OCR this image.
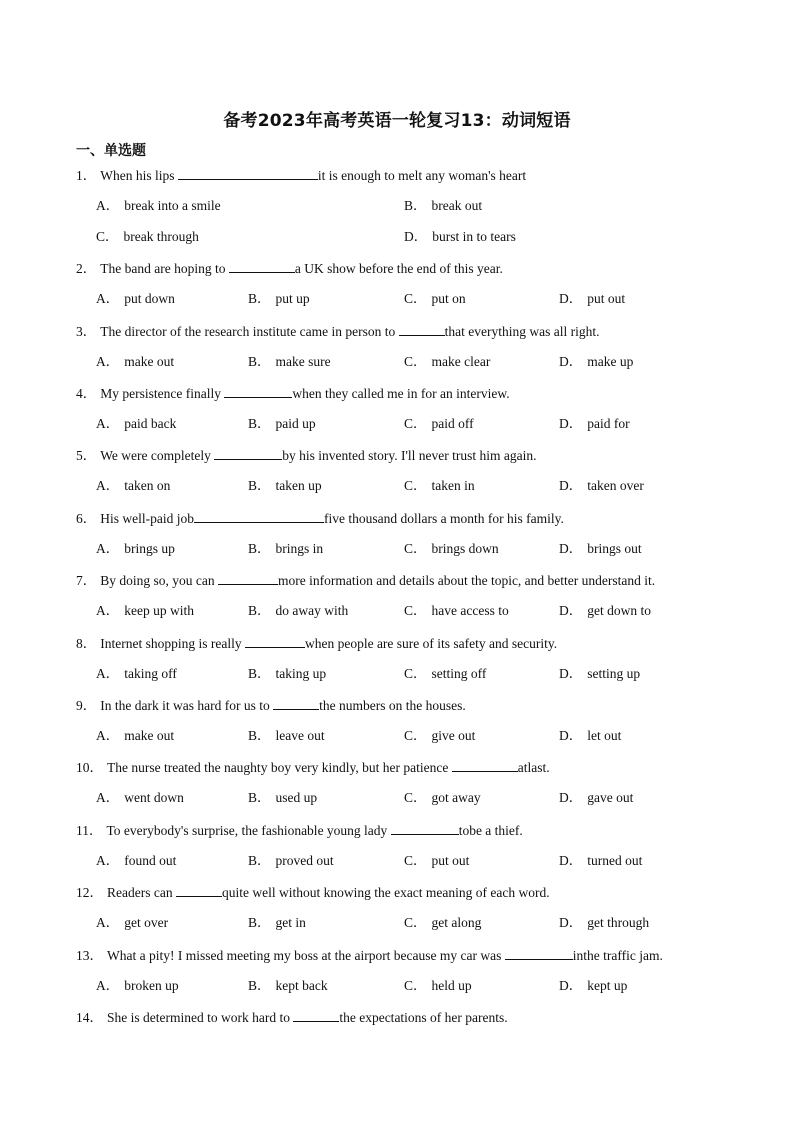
备考2023年高考英语一轮复习13：动词短语
一、单选题
1． When his lips	it is enough to melt any woman's heart
A． break into a smile	B． break out
C． break through	D． burst in to tears
2． The band are hoping to	a UK show before the end of this year.
A． put down	B． put up	C． put on	D． put out
3． The director of the research institute came in person to	that everything was all right.
A． make out	B． make sure	C． make clear	D． make up
4． My persistence finally	when they called me in for an interview.
A． paid back	B． paid up	C． paid off	D． paid for
5． We were completely	by his invented story. I'll never trust him again.
A． taken on	B． taken up	C． taken in	D． taken over
6． His well-paid job	five thousand dollars a month for his family.
A． brings up	B． brings in	C． brings down	D． brings out
7． By doing so, you can	more information and details about the topic, and better understand it.
A． keep up with	B． do away with	C． have access to	D． get down to
8． Internet shopping is really	when people are sure of its safety and security.
A． taking off	B． taking up	C． setting off	D． setting up
9． In the dark it was hard for us to	the numbers on the houses.
A． make out	B． leave out	C． give out	D． let out
10． The nurse treated the naughty boy very kindly, but her patience	atlast.
A． went down	B． used up	C． got away	D． gave out
11． To everybody's surprise, the fashionable young lady	tobe a thief.
A． found out	B． proved out	C． put out	D． turned out
12． Readers can	quite well without knowing the exact meaning of each word.
A． get over	B． get in	C． get along	D． get through
13． What a pity! I missed meeting my boss at the airport because my car was	inthe traffic jam.
A． broken up	B． kept back	C． held up	D． kept up
14． She is determined to work hard to	the expectations of her parents.
